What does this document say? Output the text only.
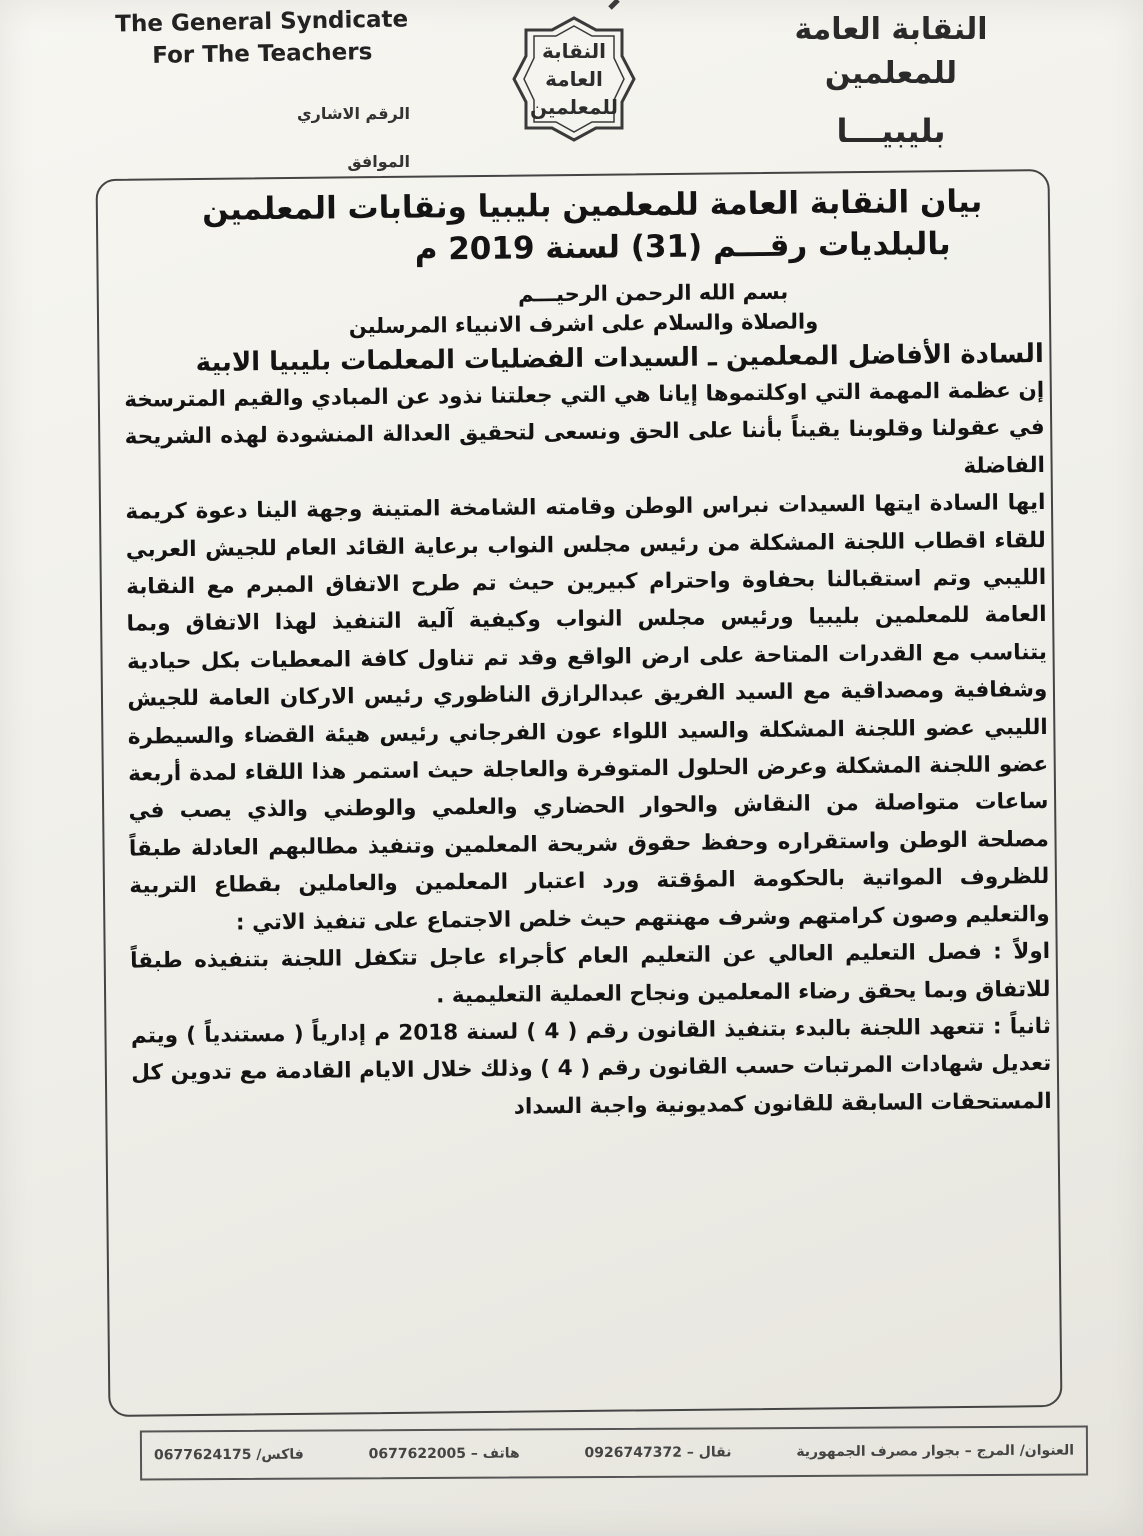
The General Syndicate
For The Teachers
الرقم الاشاري
الموافق
النقابة
العامة
للمعلمين
النقابة العامة للمعلمين
بليبيـــا
بيان النقابة العامة للمعلمين بليبيا ونقابات المعلمين
بالبلديات رقـــم (31) لسنة 2019 م
بسم الله الرحمن الرحيـــم
والصلاة والسلام على اشرف الانبياء المرسلين
السادة الأفاضل المعلمين ـ السيدات الفضليات المعلمات بليبيا الابية

إن عظمة المهمة التي اوكلتموها إيانا هي التي جعلتنا نذود عن المبادي والقيم المترسخة في عقولنا وقلوبنا يقيناً بأننا على الحق ونسعى لتحقيق العدالة المنشودة لهذه الشريحة الفاضلة

ايها السادة ايتها السيدات نبراس الوطن وقامته الشامخة المتينة وجهة الينا دعوة كريمة للقاء اقطاب اللجنة المشكلة من رئيس مجلس النواب برعاية القائد العام للجيش العربي الليبي وتم استقبالنا بحفاوة واحترام كبيرين حيث تم طرح الاتفاق المبرم مع النقابة العامة للمعلمين بليبيا ورئيس مجلس النواب وكيفية آلية التنفيذ لهذا الاتفاق وبما يتناسب مع القدرات المتاحة على ارض الواقع وقد تم تناول كافة المعطيات بكل حيادية وشفافية ومصداقية مع السيد الفريق عبدالرازق الناظوري رئيس الاركان العامة للجيش الليبي عضو اللجنة المشكلة والسيد اللواء عون الفرجاني رئيس هيئة القضاء والسيطرة عضو اللجنة المشكلة وعرض الحلول المتوفرة والعاجلة حيث استمر هذا اللقاء لمدة أربعة ساعات متواصلة من النقاش والحوار الحضاري والعلمي والوطني والذي يصب في مصلحة الوطن واستقراره وحفظ حقوق شريحة المعلمين وتنفيذ مطالبهم العادلة طبقاً للظروف المواتية بالحكومة المؤقتة ورد اعتبار المعلمين والعاملين بقطاع التربية والتعليم وصون كرامتهم وشرف مهنتهم حيث خلص الاجتماع على تنفيذ الاتي :

اولاً : فصل التعليم العالي عن التعليم العام كأجراء عاجل تتكفل اللجنة بتنفيذه طبقاً للاتفاق وبما يحقق رضاء المعلمين ونجاح العملية التعليمية .

ثانياً : تتعهد اللجنة بالبدء بتنفيذ القانون رقم ( 4 ) لسنة 2018 م إدارياً ( مستندياً ) ويتم تعديل شهادات المرتبات حسب القانون رقم ( 4 ) وذلك خلال الايام القادمة مع تدوين كل المستحقات السابقة للقانون كمديونية واجبة السداد

العنوان/ المرج – بجوار مصرف الجمهورية
نقال – 0926747372
هاتف – 0677622005
فاكس/ 0677624175
